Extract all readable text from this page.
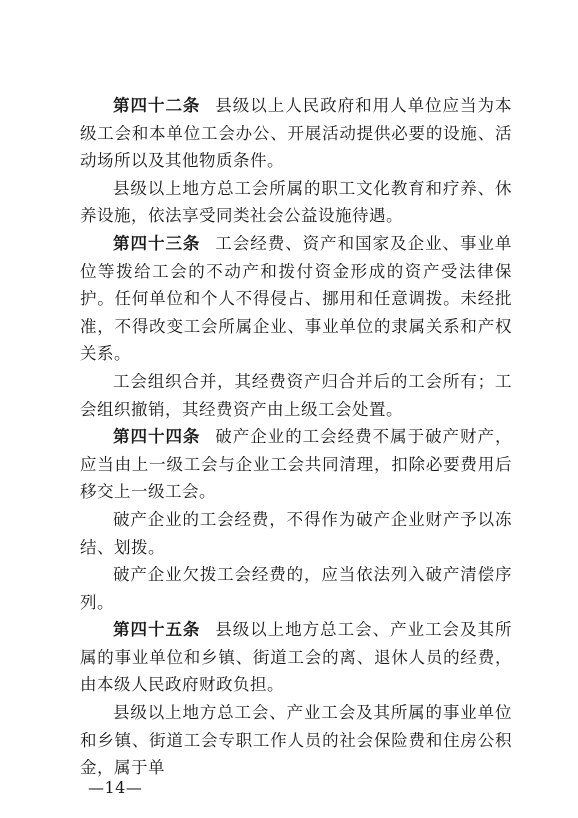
第四十二条 县级以上人民政府和用人单位应当为本级工会和本单位工会办公、开展活动提供必要的设施、活动场所以及其他物质条件。

县级以上地方总工会所属的职工文化教育和疗养、休养设施，依法享受同类社会公益设施待遇。

第四十三条 工会经费、资产和国家及企业、事业单位等拨给工会的不动产和拨付资金形成的资产受法律保护。任何单位和个人不得侵占、挪用和任意调拨。未经批准，不得改变工会所属企业、事业单位的隶属关系和产权关系。

工会组织合并，其经费资产归合并后的工会所有；工会组织撤销，其经费资产由上级工会处置。

第四十四条 破产企业的工会经费不属于破产财产，应当由上一级工会与企业工会共同清理，扣除必要费用后移交上一级工会。

破产企业的工会经费，不得作为破产企业财产予以冻结、划拨。

破产企业欠拨工会经费的，应当依法列入破产清偿序列。

第四十五条 县级以上地方总工会、产业工会及其所属的事业单位和乡镇、街道工会的离、退休人员的经费，由本级人民政府财政负担。

县级以上地方总工会、产业工会及其所属的事业单位和乡镇、街道工会专职工作人员的社会保险费和住房公积金，属于单

—14—
